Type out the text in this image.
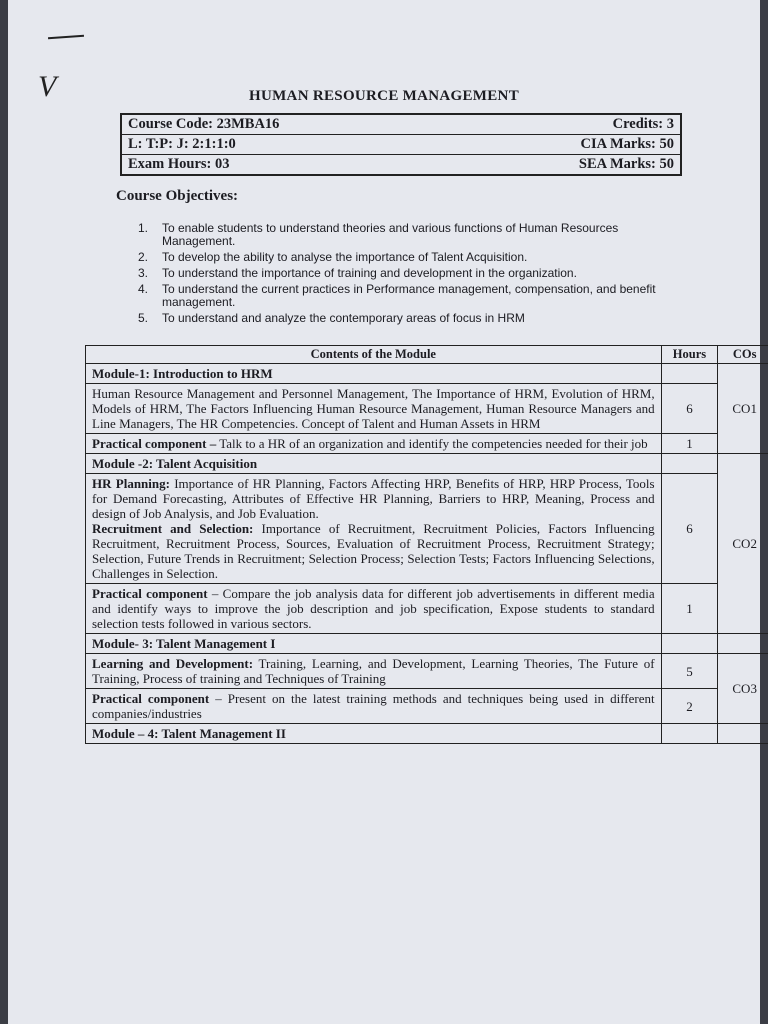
V	HUMAN RESOURCE MANAGEMENT
Course Code: 23MBA16	Credits: 3
L: T:P: J: 2:1:1:0	CIA Marks: 50
Exam Hours: 03	SEA Marks: 50
Course Objectives:
1. To enable students to understand theories and various functions of Human Resources Management.
2. To develop the ability to analyse the importance of Talent Acquisition.
3. To understand the importance of training and development in the organization.
4. To understand the current practices in Performance management, compensation, and benefit management.
5. To understand and analyze the contemporary areas of focus in HRM
Contents of the Module	Hours	COs
Module-1: Introduction to HRM		CO1
Human Resource Management and Personnel Management, The Importance of HRM, Evolution of HRM, Models of HRM, The Factors Influencing Human Resource Management, Human Resource Managers and Line Managers, The HR Competencies. Concept of Talent and Human Assets in HRM	6	
Practical component – Talk to a HR of an organization and identify the competencies needed for their job	1	
Module -2: Talent Acquisition		CO2
HR Planning: Importance of HR Planning, Factors Affecting HRP, Benefits of HRP, HRP Process, Tools for Demand Forecasting, Attributes of Effective HR Planning, Barriers to HRP, Meaning, Process and design of Job Analysis, and Job Evaluation.
Recruitment and Selection: Importance of Recruitment, Recruitment Policies, Factors Influencing Recruitment, Recruitment Process, Sources, Evaluation of Recruitment Process, Recruitment Strategy; Selection, Future Trends in Recruitment; Selection Process; Selection Tests; Factors Influencing Selections, Challenges in Selection.	6	
Practical component – Compare the job analysis data for different job advertisements in different media and identify ways to improve the job description and job specification, Expose students to standard selection tests followed in various sectors.	1	
Module- 3: Talent Management I		
Learning and Development: Training, Learning, and Development, Learning Theories, The Future of Training, Process of training and Techniques of Training	5	CO3
Practical component – Present on the latest training methods and techniques being used in different companies/industries	2	
Module – 4: Talent Management II		
